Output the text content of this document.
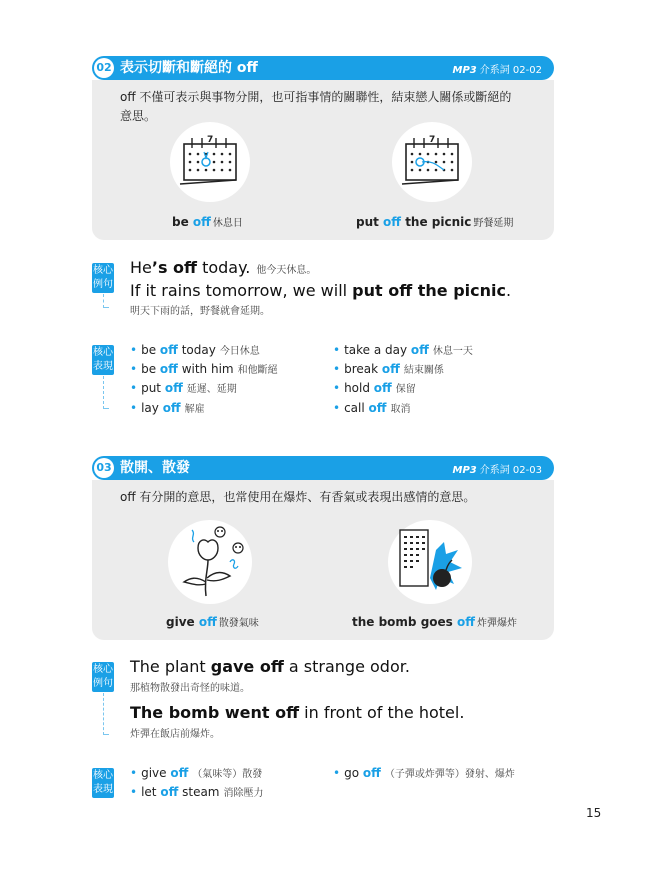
02 表示切斷和斷絕的 off	MP3 介系詞 02-02
off 不僅可表示與事物分開，也可指事情的關聯性，結束戀人關係或斷絕的
意思。
7	7
be off 休息日	put off the picnic 野餐延期
核心
例句
He’s off today. 他今天休息。
If it rains tomorrow, we will put off the picnic.
明天下雨的話，野餐就會延期。
核心
表現
• be off today 今日休息
• be off with him 和他斷絕
• put off 延遲、延期
• lay off 解雇
• take a day off 休息一天
• break off 結束關係
• hold off 保留
• call off 取消
03 散開、散發	MP3 介系詞 02-03
off 有分開的意思，也常使用在爆炸、有香氣或表現出感情的意思。
give off 散發氣味	the bomb goes off 炸彈爆炸
核心
例句
The plant gave off a strange odor.
那植物散發出奇怪的味道。
The bomb went off in front of the hotel.
炸彈在飯店前爆炸。
核心
表現
• give off （氣味等）散發
• let off steam 消除壓力
• go off （子彈或炸彈等）發射、爆炸
15
